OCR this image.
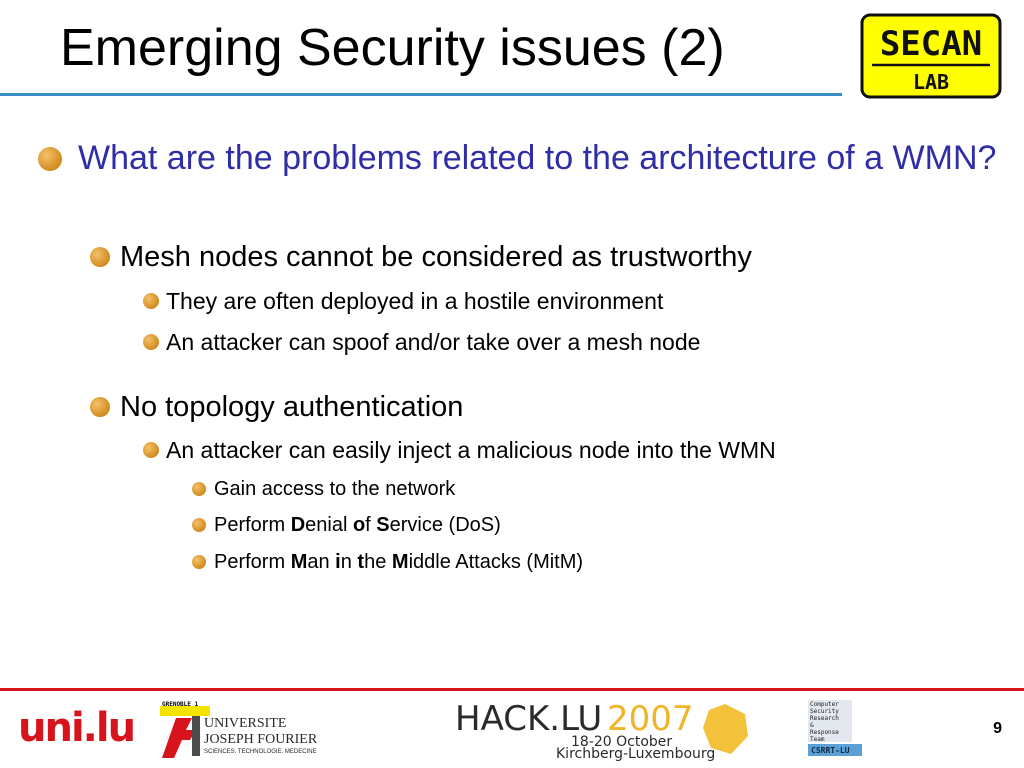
Emerging Security issues (2)	SECAN
LAB
What are the problems related to the architecture of a WMN?
Mesh nodes cannot be considered as trustworthy
They are often deployed in a hostile environment
An attacker can spoof and/or take over a mesh node
No topology authentication
An attacker can easily inject a malicious node into the WMN
Gain access to the network
Perform Denial of Service (DoS)
Perform Man in the Middle Attacks (MitM)
uni.lu
GRENOBLE 1
UNIVERSITE
JOSEPH FOURIER
SCIENCES. TECHNOLOGIE. MEDECINE
HACK.LU 2007
18-20 October
Kirchberg-Luxembourg
Computer
Security
Research
&
Response
Team
CSRRT-LU
9
